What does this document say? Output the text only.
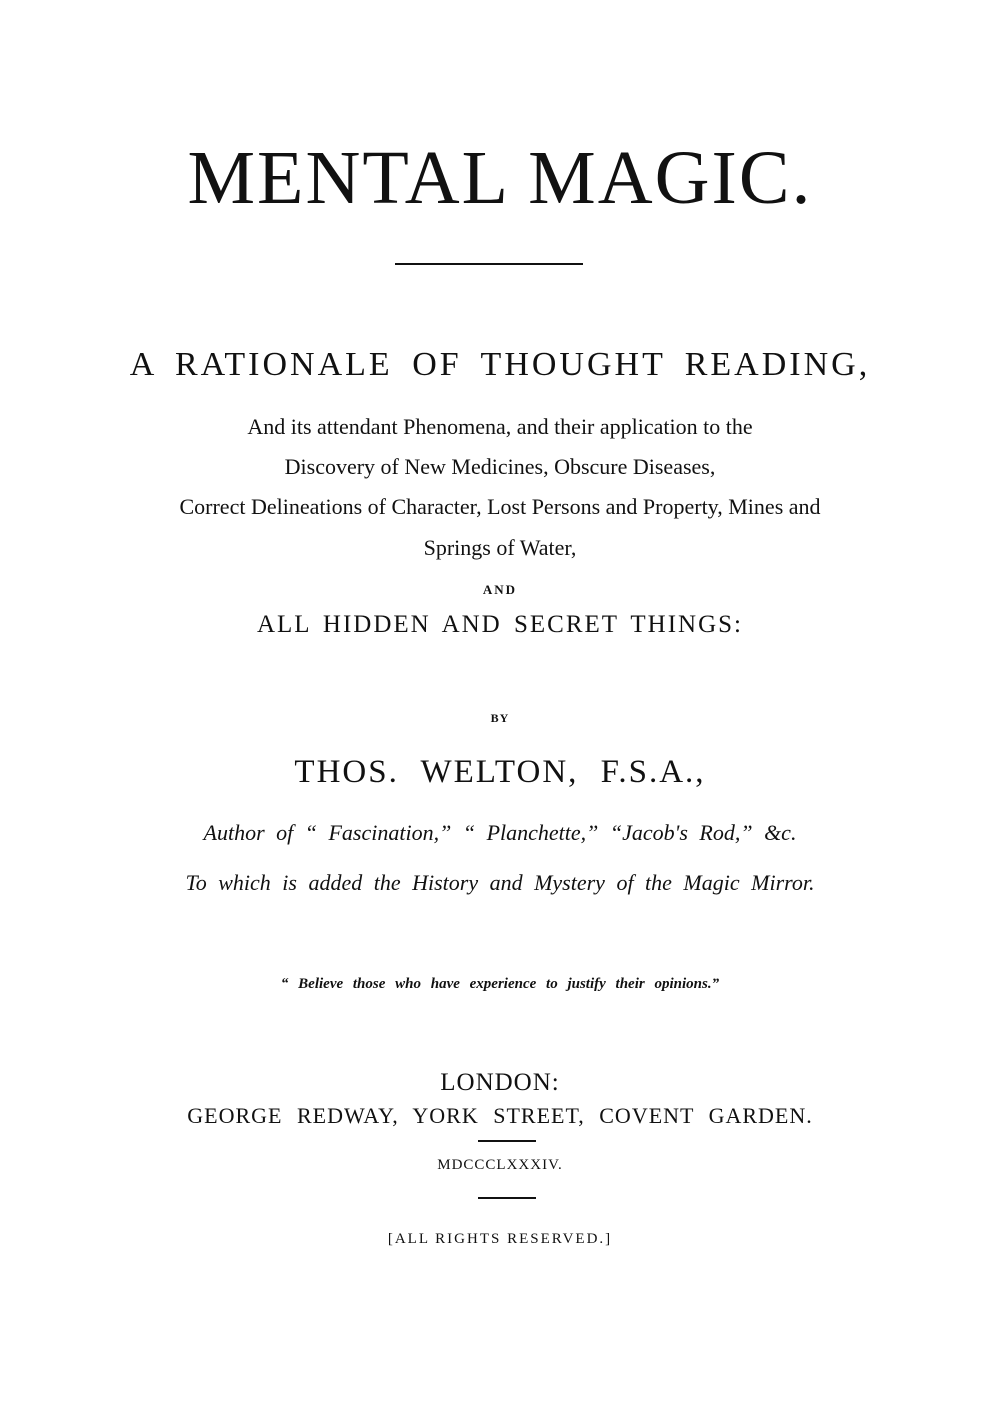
MENTAL MAGIC.
A RATIONALE OF THOUGHT READING,
And its attendant Phenomena, and their application to the
Discovery of New Medicines, Obscure Diseases,
Correct Delineations of Character, Lost Persons and Property, Mines and
Springs of Water,
AND
ALL HIDDEN AND SECRET THINGS:
BY
THOS. WELTON, F.S.A.,
Author of “ Fascination,” “ Planchette,” “Jacob's Rod,” &c.
To which is added the History and Mystery of the Magic Mirror.
“ Believe those who have experience to justify their opinions.”
LONDON:
GEORGE REDWAY, YORK STREET, COVENT GARDEN.
MDCCCLXXXIV.
[ALL RIGHTS RESERVED.]
